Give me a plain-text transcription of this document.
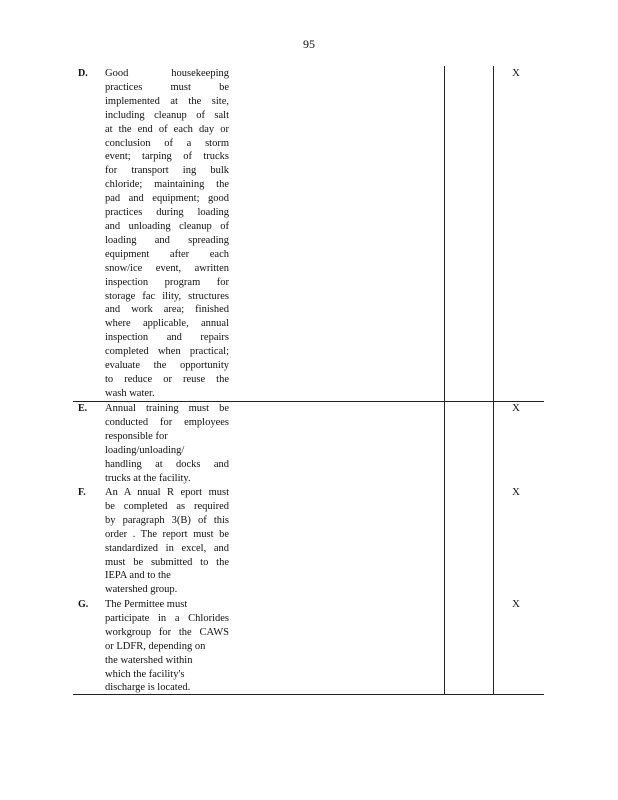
95
D. Good housekeeping
practices must be
implemented at the site,
including cleanup of salt
at the end of each day or
conclusion of a storm
event; tarping of trucks
for transport ing bulk
chloride; maintaining the
pad and equipment; good
practices during loading
and unloading cleanup of
loading and spreading
equipment after each
snow/ice event, awritten
inspection program for
storage fac ility, structures
and work area; finished
where applicable, annual
inspection and repairs
completed when practical;
evaluate the opportunity
to reduce or reuse the
wash water.
X
E. Annual training must be
conducted for employees
responsible for
loading/unloading/
handling at docks and
trucks at the facility.
X
F. An A nnual R eport must
be completed as required
by paragraph 3(B) of this
order . The report must be
standardized in excel, and
must be submitted to the
IEPA and to the
watershed group.
X
G. The Permittee must
participate in a Chlorides
workgroup for the CAWS
or LDFR, depending on
the watershed within
which the facility's
discharge is located.
X
